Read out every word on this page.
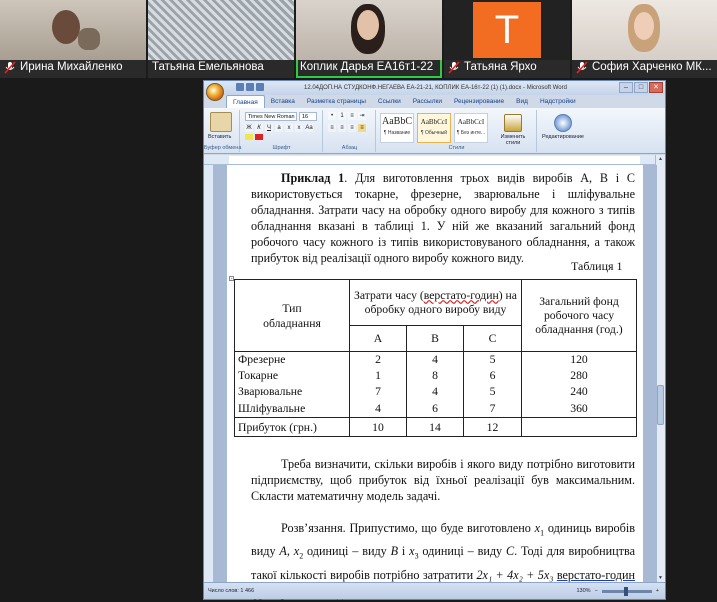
Ирина Михайленко	Татьяна Емельянова	Коплик Дарья ЕА16т1-22
T
Татьяна Ярхо	София Харченко МК...
12.04ДОП.НА СТУДКОНФ.НЕГАЕВА ЕА-21-21, КОПЛИК ЕА-16т-22 (1) (1).docx - Microsoft Word	–	□	✕
Главная	Вставка	Разметка страницы	Ссылки	Рассылки	Рецензирование	Вид	Надстройки
Вставить
Буфер обмена
Times New Roman	16
Ж К	Ч	a	x	x Aa
Шрифт
•	1	≡ ⇥
≡	≡	≡	≡
Абзац
AaBbC
¶ Название
AaBbCcI
¶ Обычный
AaBbCcI
¶ Без инте...
Изменить стили
Стили
Редактирование
▲
▼
Приклад 1. Для виготовлення трьох видів виробів А, В і С використовується токарне, фрезерне, зварювальне і шліфувальне обладнання. Затрати часу на обробку одного виробу для кожного з типів обладнання вказані в таблиці 1. У ній же вказаний загальний фонд робочого часу кожного із типів використовуваного обладнання, а також прибуток від реалізації одного виробу кожного виду.
Таблиця 1
+
Тип обладнання	Затрати часу (верстато-годин) на обробку одного виробу виду			Загальний фонд робочого часу обладнання (год.)
	A	B	C	
Фрезерне	2	4	5	120
Токарне	1	8	6	280
Зварювальне	7	4	5	240
Шліфувальне	4	6	7	360
Прибуток (грн.)	10	14	12	
Треба визначити, скільки виробів і якого виду потрібно виготовити підприємству, щоб прибуток від їхньої реалізації був максимальним. Скласти математичну модель задачі.
Розв’язання. Припустимо, що буде виготовлено $x_1$ одиниць виробів виду А, $x_2$ одиниці – виду В і $x_3$ одиниці – виду С. Тоді для виробництва такої кількості виробів потрібно затратити 2x₁ + 4x₂ + 5x₃ верстато-годин
Число слов: 1 466	130% −	+
